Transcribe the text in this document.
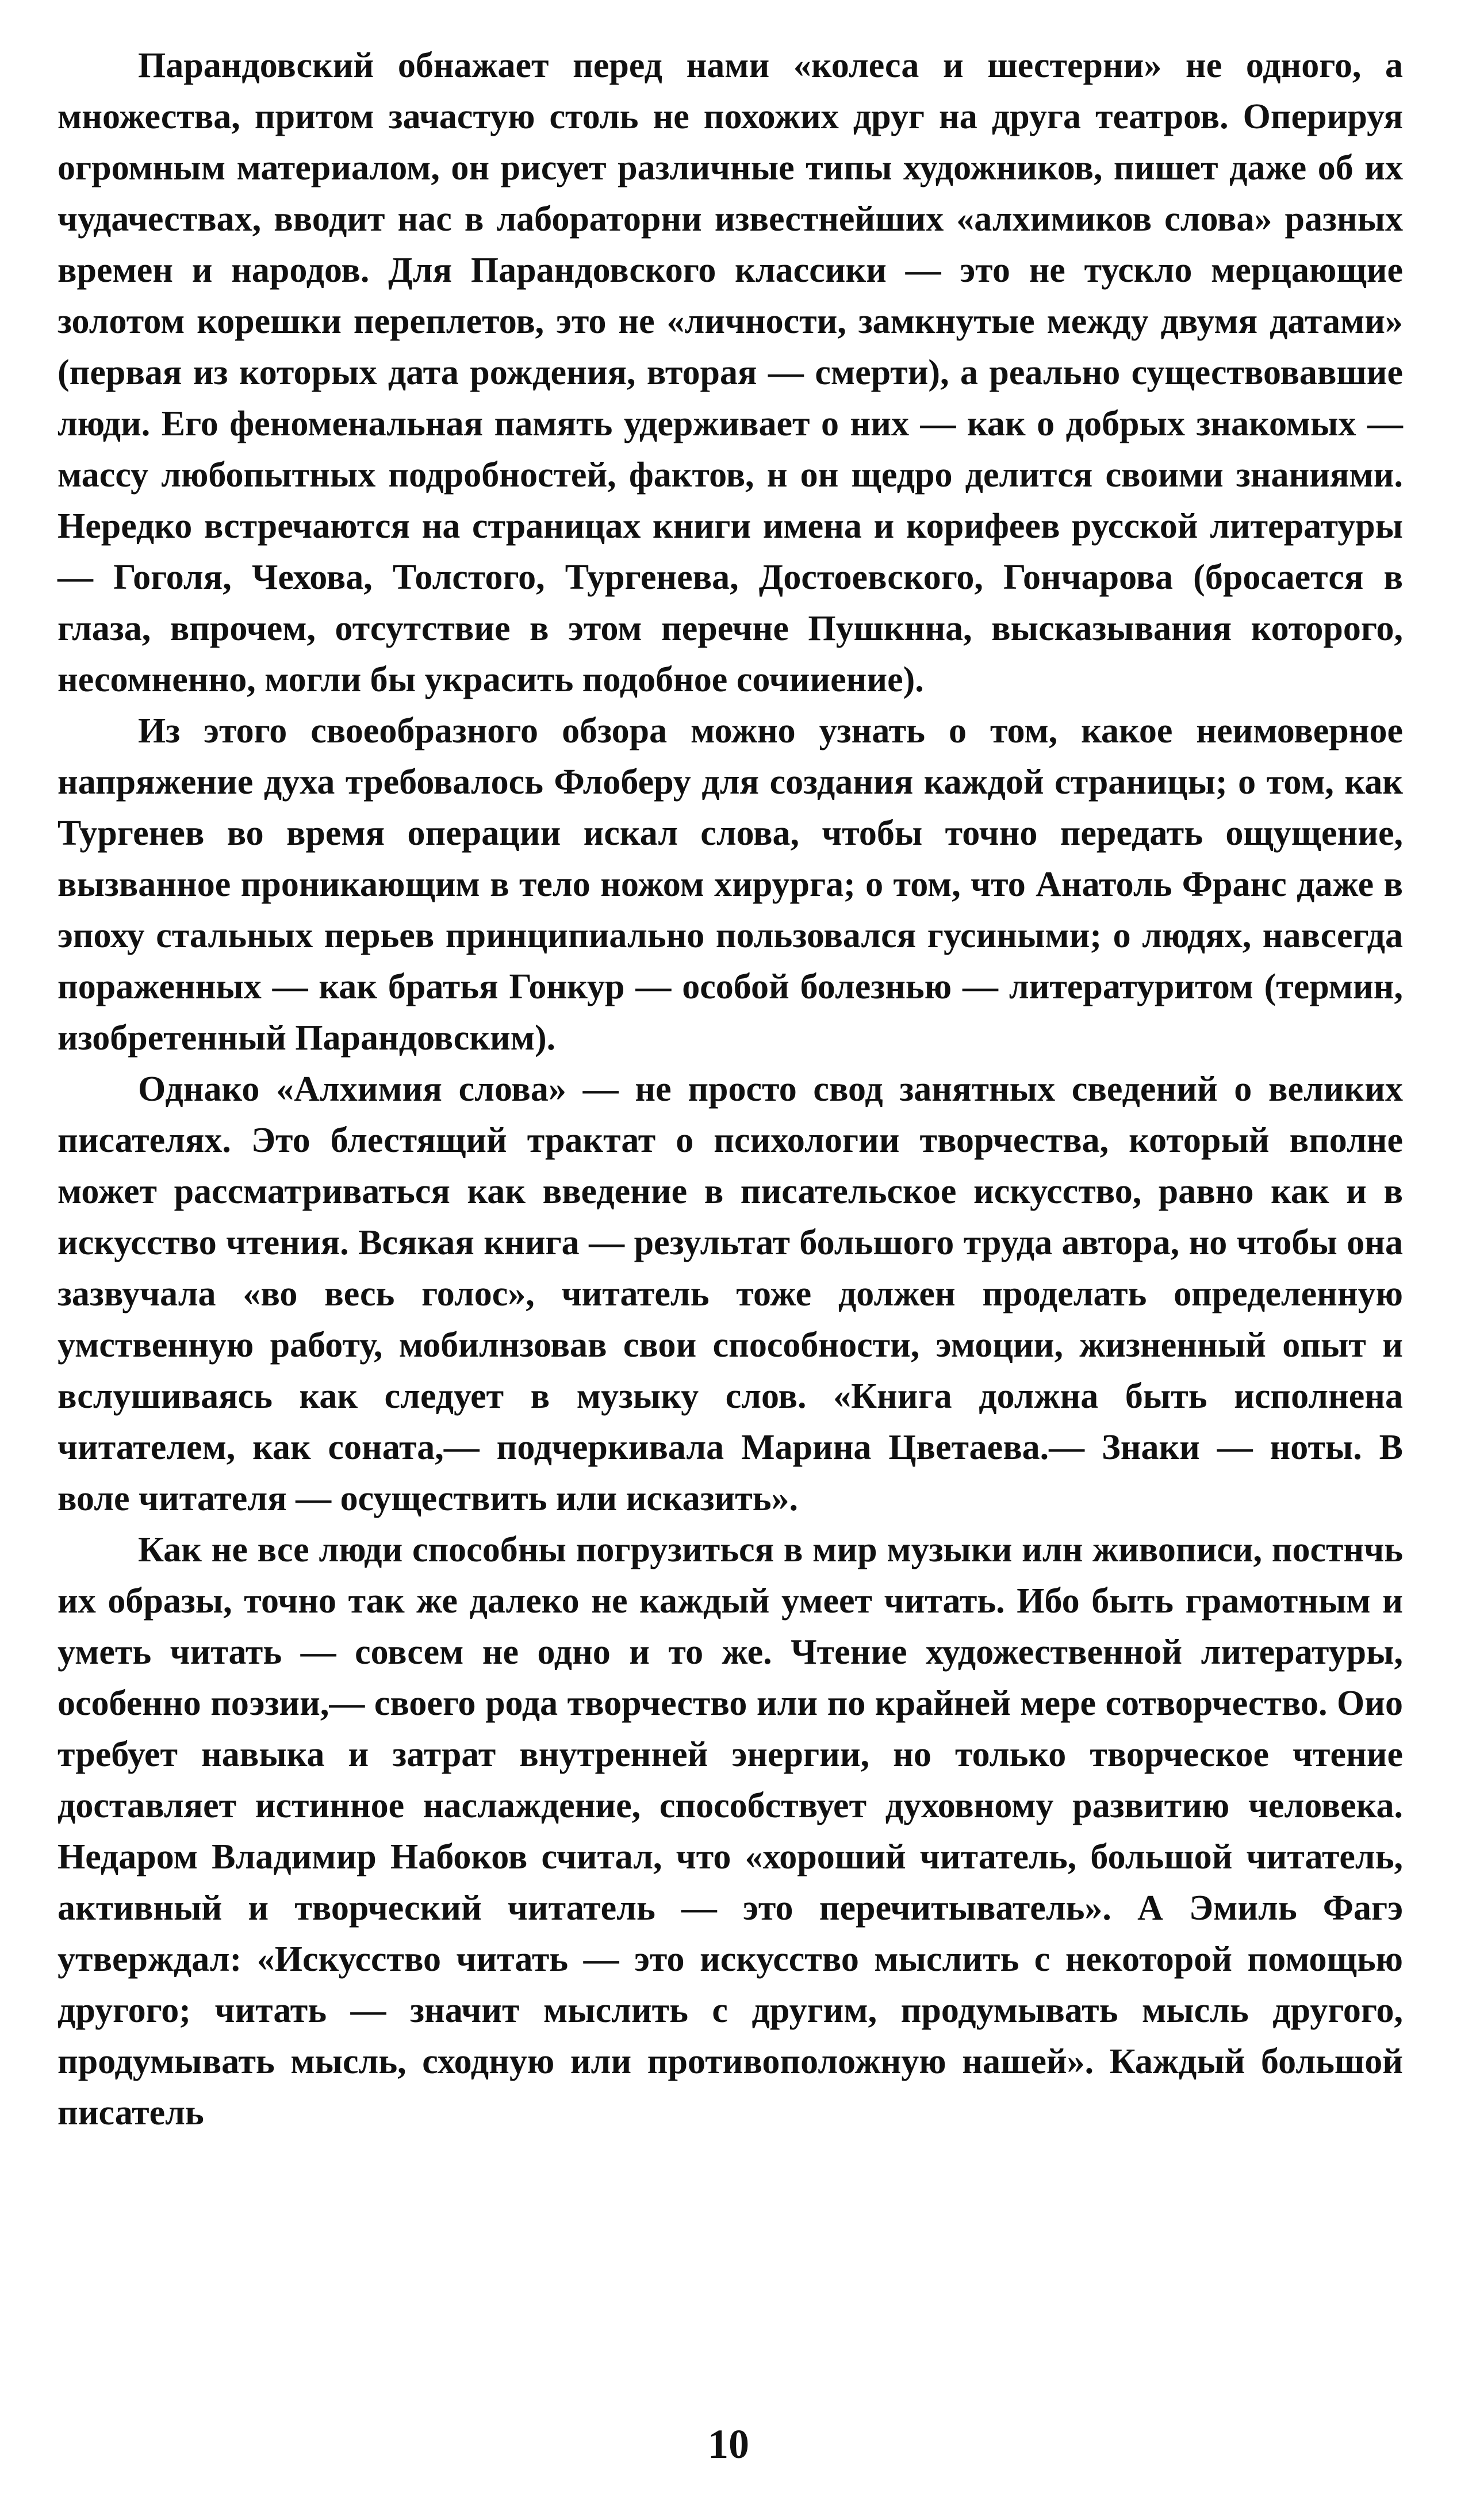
Парандовский обнажает перед нами «колеса и шестерни» не одного, а множества, притом зачастую столь не похожих друг на друга театров. Оперируя огромным материалом, он рисует различные типы художников, пишет даже об их чудачествах, вводит нас в лабораторни известнейших «алхимиков слова» разных времен и народов. Для Парандовского классики — это не тускло мерцающие золотом корешки переплетов, это не «личности, замкнутые между двумя датами» (первая из которых дата рождения, вторая — смерти), а реально существовавшие люди. Его феноменальная память удерживает о них — как о добрых знакомых — массу любопытных подробностей, фактов, н он щедро делится своими знаниями. Нередко встречаются на страницах книги имена и корифеев русской литературы — Гоголя, Чехова, Толстого, Тургенева, Достоевского, Гончарова (бросается в глаза, впрочем, отсутствие в этом перечне Пушкнна, высказывания которого, несомненно, могли бы украсить подобное сочииение).

Из этого своеобразного обзора можно узнать о том, какое неимоверное напряжение духа требовалось Флоберу для создания каждой страницы; о том, как Тургенев во время операции искал слова, чтобы точно передать ощущение, вызванное проникающим в тело ножом хирурга; о том, что Анатоль Франс даже в эпоху стальных перьев принципиально пользовался гусиными; о людях, навсегда пораженных — как братья Гонкур — особой болезнью — литературитом (термин, изобретенный Парандовским).

Однако «Алхимия слова» — не просто свод занятных сведений о великих писателях. Это блестящий трактат о психологии творчества, который вполне может рассматриваться как введение в писательское искусство, равно как и в искусство чтения. Всякая книга — результат большого труда автора, но чтобы она зазвучала «во весь голос», читатель тоже должен проделать определенную умственную работу, мобилнзовав свои способности, эмоции, жизненный опыт и вслушиваясь как следует в музыку слов. «Книга должна быть исполнена читателем, как соната,— подчеркивала Марина Цветаева.— Знаки — ноты. В воле читателя — осуществить или исказить».

Как не все люди способны погрузиться в мир музыки илн живописи, постнчь их образы, точно так же далеко не каждый умеет читать. Ибо быть грамотным и уметь читать — совсем не одно и то же. Чтение художественной литературы, особенно поэзии,— своего рода творчество или по крайней мере сотворчество. Оио требует навыка и затрат внутренней энергии, но только творческое чтение доставляет истинное наслаждение, способствует духовному развитию человека. Недаром Владимир Набоков считал, что «хороший читатель, большой читатель, активный и творческий читатель — это перечитыватель». А Эмиль Фагэ утверждал: «Искусство читать — это искусство мыслить с некоторой помощью другого; читать — значит мыслить с другим, продумывать мысль другого, продумывать мысль, сходную или противоположную нашей». Каждый большой писатель

10
